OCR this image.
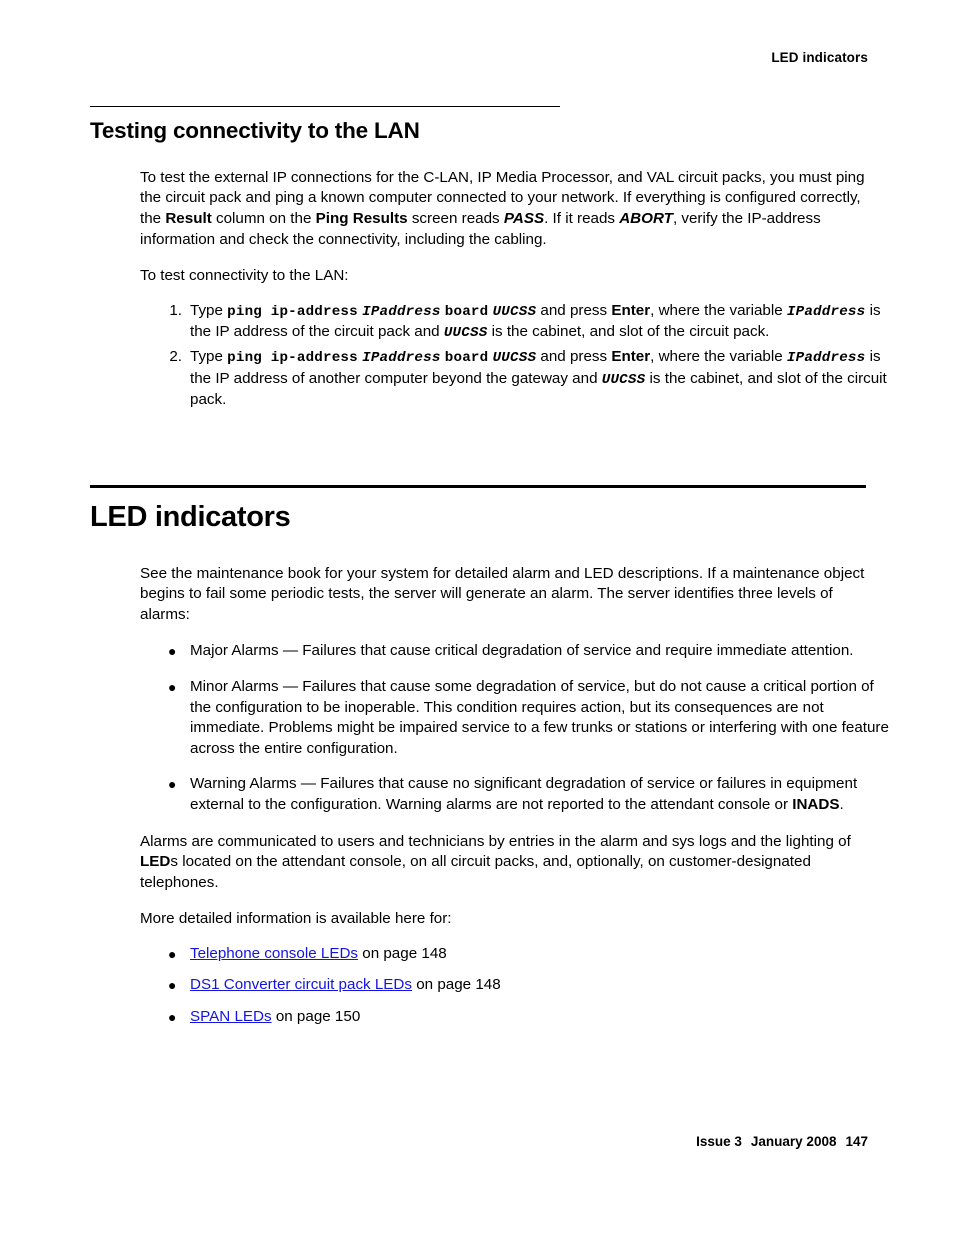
LED indicators
Testing connectivity to the LAN

To test the external IP connections for the C-LAN, IP Media Processor, and VAL circuit packs, you must ping the circuit pack and ping a known computer connected to your network. If everything is configured correctly, the Result column on the Ping Results screen reads PASS. If it reads ABORT, verify the IP-address information and check the connectivity, including the cabling.

To test connectivity to the LAN:

1. Type ping ip-address IPaddress board UUCSS and press Enter, where the variable IPaddress is the IP address of the circuit pack and UUCSS is the cabinet, and slot of the circuit pack.
2. Type ping ip-address IPaddress board UUCSS and press Enter, where the variable IPaddress is the IP address of another computer beyond the gateway and UUCSS is the cabinet, and slot of the circuit pack.
LED indicators

See the maintenance book for your system for detailed alarm and LED descriptions. If a maintenance object begins to fail some periodic tests, the server will generate an alarm. The server identifies three levels of alarms:

● Major Alarms — Failures that cause critical degradation of service and require immediate attention.
● Minor Alarms — Failures that cause some degradation of service, but do not cause a critical portion of the configuration to be inoperable. This condition requires action, but its consequences are not immediate. Problems might be impaired service to a few trunks or stations or interfering with one feature across the entire configuration.
● Warning Alarms — Failures that cause no significant degradation of service or failures in equipment external to the configuration. Warning alarms are not reported to the attendant console or INADS.

Alarms are communicated to users and technicians by entries in the alarm and sys logs and the lighting of LEDs located on the attendant console, on all circuit packs, and, optionally, on customer-designated telephones.

More detailed information is available here for:

● Telephone console LEDs on page 148
● DS1 Converter circuit pack LEDs on page 148
● SPAN LEDs on page 150
Issue 3 January 2008 147
